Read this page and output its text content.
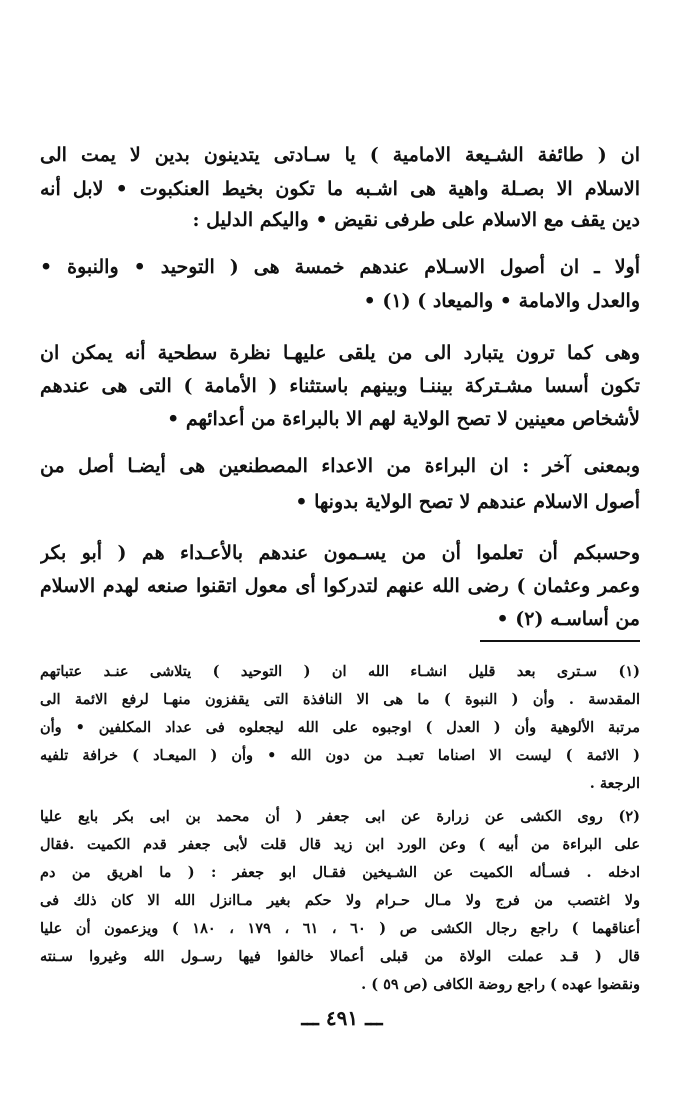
ان ( طائفة الشـيعة الامامية ) يا سـادتى يتدينون بدين لا يمت الى
الاسلام الا بصـلة واهية هى اشـبه ما تكون بخيط العنكبوت • لابل أنه
دين يقف مع الاسلام على طرفى نقيض • واليكم الدليل :
أولا ـ ان أصول الاسـلام عندهم خمسة هى ( التوحيد • والنبوة •
والعدل والامامة • والميعاد ) (١) •
وهى كما ترون يتبارد الى من يلقى عليهـا نظرة سطحية أنه يمكن ان
تكون أسسا مشـتركة بيننـا وبينهم باستثناء ( الأمامة ) التى هى عندهم
لأشخاص معينين لا تصح الولاية لهم الا بالبراءة من أعدائهم •
وبمعنى آخر : ان البراءة من الاعداء المصطنعين هى أيضـا أصل من
أصول الاسلام عندهم لا تصح الولاية بدونها •
وحسبكم أن تعلموا أن من يسـمون عندهم بالأعـداء هم ( أبو بكر
وعمر وعثمان ) رضى الله عنهم لتدركوا أى معول اتقنوا صنعه لهدم الاسلام
من أساسـه (٢) •
(١) سـترى بعد قليل انشـاء الله ان ( التوحيد ) يتلاشى عنـد عتباتهم
المقدسة . وأن ( النبوة ) ما هى الا النافذة التى يقفزون منهـا لرفع الائمة الى
مرتبة الألوهية وأن ( العدل ) اوجبوه على الله ليجعلوه فى عداد المكلفين • وأن
( الائمة ) ليست الا اصناما تعبـد من دون الله • وأن ( الميعـاد ) خرافة تلفيه
الرجعة .
(٢) روى الكشى عن زرارة عن ابى جعفر ( أن محمد بن ابى بكر بايع عليا
على البراءة من أبيه ) وعن الورد ابن زيد قال قلت لأبى جعفر قدم الكميت .فقال
ادخله . فسـأله الكميت عن الشـيخين فقـال ابو جعفر : ( ما اهريق من دم
ولا اغتصب من فرج ولا مـال حـرام ولا حكم بغير مـاانزل الله الا كان ذلك فى
أعناقهما ) راجع رجال الكشى ص ( ٦٠ ، ٦١ ، ١٧٩ ، ١٨٠ ) ويزعمون أن عليا
قال ( قـد عملت الولاة من قبلى أعمالا خالفوا فيها رسـول الله وغيروا سـنته
ونقضوا عهده ) راجع روضة الكافى (ص ٥٩ ) .
ـــ ٤٩١ ـــ
